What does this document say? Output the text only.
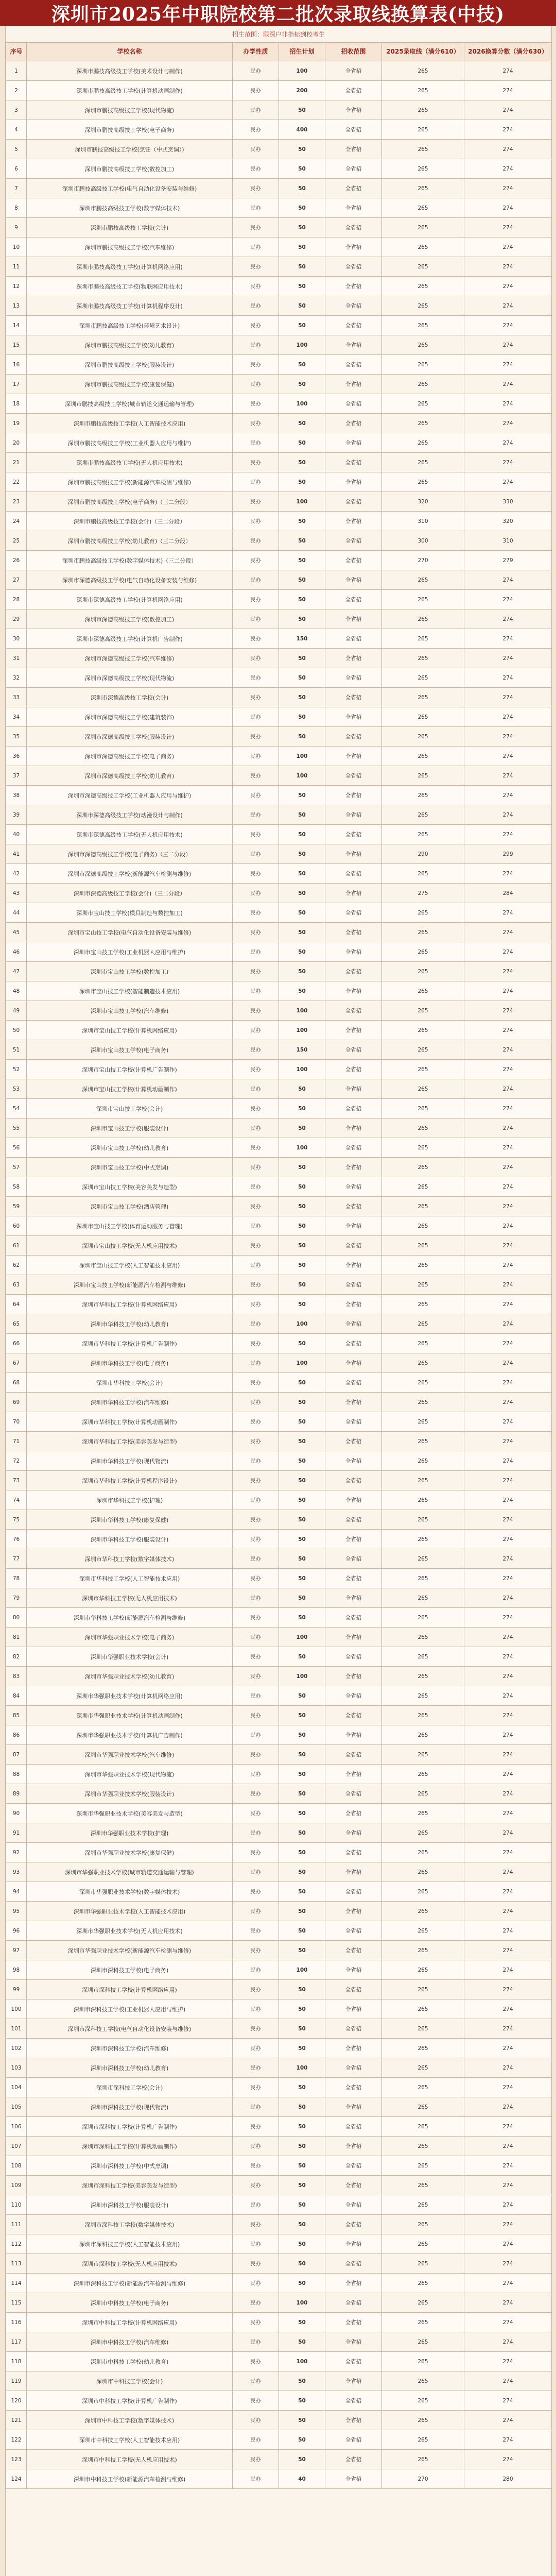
深圳市2025年中职院校第二批次录取线换算表(中技)
招生范围：限深户非指标到校考生
序号	学校名称	办学性质	招生计划	招收范围	2025录取线（满分610）	2026换算分数（满分630）
1	深圳市鹏技高级技工学校(美术设计与制作)	民办	100	全省招	265	274
2	深圳市鹏技高级技工学校(计算机动画制作)	民办	200	全省招	265	274
3	深圳市鹏技高级技工学校(现代物流)	民办	50	全省招	265	274
4	深圳市鹏技高级技工学校(电子商务)	民办	400	全省招	265	274
5	深圳市鹏技高级技工学校(烹饪（中式烹调）)	民办	50	全省招	265	274
6	深圳市鹏技高级技工学校(数控加工)	民办	50	全省招	265	274
7	深圳市鹏技高级技工学校(电气自动化设备安装与维修)	民办	50	全省招	265	274
8	深圳市鹏技高级技工学校(数字媒体技术)	民办	50	全省招	265	274
9	深圳市鹏技高级技工学校(会计)	民办	50	全省招	265	274
10	深圳市鹏技高级技工学校(汽车维修)	民办	50	全省招	265	274
11	深圳市鹏技高级技工学校(计算机网络应用)	民办	50	全省招	265	274
12	深圳市鹏技高级技工学校(物联网应用技术)	民办	50	全省招	265	274
13	深圳市鹏技高级技工学校(计算机程序设计)	民办	50	全省招	265	274
14	深圳市鹏技高级技工学校(环境艺术设计)	民办	50	全省招	265	274
15	深圳市鹏技高级技工学校(幼儿教育)	民办	100	全省招	265	274
16	深圳市鹏技高级技工学校(服装设计)	民办	50	全省招	265	274
17	深圳市鹏技高级技工学校(康复保健)	民办	50	全省招	265	274
18	深圳市鹏技高级技工学校(城市轨道交通运输与管理)	民办	100	全省招	265	274
19	深圳市鹏技高级技工学校(人工智能技术应用)	民办	50	全省招	265	274
20	深圳市鹏技高级技工学校(工业机器人应用与维护)	民办	50	全省招	265	274
21	深圳市鹏技高级技工学校(无人机应用技术)	民办	50	全省招	265	274
22	深圳市鹏技高级技工学校(新能源汽车检测与维修)	民办	50	全省招	265	274
23	深圳市鹏技高级技工学校(电子商务)（三二分段）	民办	100	全省招	320	330
24	深圳市鹏技高级技工学校(会计)（三二分段）	民办	50	全省招	310	320
25	深圳市鹏技高级技工学校(幼儿教育)（三二分段）	民办	50	全省招	300	310
26	深圳市鹏技高级技工学校(数字媒体技术)（三二分段）	民办	50	全省招	270	279
27	深圳市深德高级技工学校(电气自动化设备安装与维修)	民办	50	全省招	265	274
28	深圳市深德高级技工学校(计算机网络应用)	民办	50	全省招	265	274
29	深圳市深德高级技工学校(数控加工)	民办	50	全省招	265	274
30	深圳市深德高级技工学校(计算机广告制作)	民办	150	全省招	265	274
31	深圳市深德高级技工学校(汽车维修)	民办	50	全省招	265	274
32	深圳市深德高级技工学校(现代物流)	民办	50	全省招	265	274
33	深圳市深德高级技工学校(会计)	民办	50	全省招	265	274
34	深圳市深德高级技工学校(建筑装饰)	民办	50	全省招	265	274
35	深圳市深德高级技工学校(服装设计)	民办	50	全省招	265	274
36	深圳市深德高级技工学校(电子商务)	民办	100	全省招	265	274
37	深圳市深德高级技工学校(幼儿教育)	民办	100	全省招	265	274
38	深圳市深德高级技工学校(工业机器人应用与维护)	民办	50	全省招	265	274
39	深圳市深德高级技工学校(动漫设计与制作)	民办	50	全省招	265	274
40	深圳市深德高级技工学校(无人机应用技术)	民办	50	全省招	265	274
41	深圳市深德高级技工学校(电子商务)（三二分段）	民办	50	全省招	290	299
42	深圳市深德高级技工学校(新能源汽车检测与维修)	民办	50	全省招	265	274
43	深圳市深德高级技工学校(会计)（三二分段）	民办	50	全省招	275	284
44	深圳市宝山技工学校(模具制造与数控加工)	民办	50	全省招	265	274
45	深圳市宝山技工学校(电气自动化设备安装与维修)	民办	50	全省招	265	274
46	深圳市宝山技工学校(工业机器人应用与维护)	民办	50	全省招	265	274
47	深圳市宝山技工学校(数控加工)	民办	50	全省招	265	274
48	深圳市宝山技工学校(智能制造技术应用)	民办	50	全省招	265	274
49	深圳市宝山技工学校(汽车维修)	民办	100	全省招	265	274
50	深圳市宝山技工学校(计算机网络应用)	民办	100	全省招	265	274
51	深圳市宝山技工学校(电子商务)	民办	150	全省招	265	274
52	深圳市宝山技工学校(计算机广告制作)	民办	100	全省招	265	274
53	深圳市宝山技工学校(计算机动画制作)	民办	50	全省招	265	274
54	深圳市宝山技工学校(会计)	民办	50	全省招	265	274
55	深圳市宝山技工学校(服装设计)	民办	50	全省招	265	274
56	深圳市宝山技工学校(幼儿教育)	民办	100	全省招	265	274
57	深圳市宝山技工学校(中式烹调)	民办	50	全省招	265	274
58	深圳市宝山技工学校(美容美发与造型)	民办	50	全省招	265	274
59	深圳市宝山技工学校(酒店管理)	民办	50	全省招	265	274
60	深圳市宝山技工学校(体育运动服务与管理)	民办	50	全省招	265	274
61	深圳市宝山技工学校(无人机应用技术)	民办	50	全省招	265	274
62	深圳市宝山技工学校(人工智能技术应用)	民办	50	全省招	265	274
63	深圳市宝山技工学校(新能源汽车检测与维修)	民办	50	全省招	265	274
64	深圳市华科技工学校(计算机网络应用)	民办	50	全省招	265	274
65	深圳市华科技工学校(幼儿教育)	民办	100	全省招	265	274
66	深圳市华科技工学校(计算机广告制作)	民办	50	全省招	265	274
67	深圳市华科技工学校(电子商务)	民办	100	全省招	265	274
68	深圳市华科技工学校(会计)	民办	50	全省招	265	274
69	深圳市华科技工学校(汽车维修)	民办	50	全省招	265	274
70	深圳市华科技工学校(计算机动画制作)	民办	50	全省招	265	274
71	深圳市华科技工学校(美容美发与造型)	民办	50	全省招	265	274
72	深圳市华科技工学校(现代物流)	民办	50	全省招	265	274
73	深圳市华科技工学校(计算机程序设计)	民办	50	全省招	265	274
74	深圳市华科技工学校(护理)	民办	50	全省招	265	274
75	深圳市华科技工学校(康复保健)	民办	50	全省招	265	274
76	深圳市华科技工学校(服装设计)	民办	50	全省招	265	274
77	深圳市华科技工学校(数字媒体技术)	民办	50	全省招	265	274
78	深圳市华科技工学校(人工智能技术应用)	民办	50	全省招	265	274
79	深圳市华科技工学校(无人机应用技术)	民办	50	全省招	265	274
80	深圳市华科技工学校(新能源汽车检测与维修)	民办	50	全省招	265	274
81	深圳市华强职业技术学校(电子商务)	民办	100	全省招	265	274
82	深圳市华强职业技术学校(会计)	民办	50	全省招	265	274
83	深圳市华强职业技术学校(幼儿教育)	民办	100	全省招	265	274
84	深圳市华强职业技术学校(计算机网络应用)	民办	50	全省招	265	274
85	深圳市华强职业技术学校(计算机动画制作)	民办	50	全省招	265	274
86	深圳市华强职业技术学校(计算机广告制作)	民办	50	全省招	265	274
87	深圳市华强职业技术学校(汽车维修)	民办	50	全省招	265	274
88	深圳市华强职业技术学校(现代物流)	民办	50	全省招	265	274
89	深圳市华强职业技术学校(服装设计)	民办	50	全省招	265	274
90	深圳市华强职业技术学校(美容美发与造型)	民办	50	全省招	265	274
91	深圳市华强职业技术学校(护理)	民办	50	全省招	265	274
92	深圳市华强职业技术学校(康复保健)	民办	50	全省招	265	274
93	深圳市华强职业技术学校(城市轨道交通运输与管理)	民办	50	全省招	265	274
94	深圳市华强职业技术学校(数字媒体技术)	民办	50	全省招	265	274
95	深圳市华强职业技术学校(人工智能技术应用)	民办	50	全省招	265	274
96	深圳市华强职业技术学校(无人机应用技术)	民办	50	全省招	265	274
97	深圳市华强职业技术学校(新能源汽车检测与维修)	民办	50	全省招	265	274
98	深圳市深科技工学校(电子商务)	民办	100	全省招	265	274
99	深圳市深科技工学校(计算机网络应用)	民办	50	全省招	265	274
100	深圳市深科技工学校(工业机器人应用与维护)	民办	50	全省招	265	274
101	深圳市深科技工学校(电气自动化设备安装与维修)	民办	50	全省招	265	274
102	深圳市深科技工学校(汽车维修)	民办	50	全省招	265	274
103	深圳市深科技工学校(幼儿教育)	民办	100	全省招	265	274
104	深圳市深科技工学校(会计)	民办	50	全省招	265	274
105	深圳市深科技工学校(现代物流)	民办	50	全省招	265	274
106	深圳市深科技工学校(计算机广告制作)	民办	50	全省招	265	274
107	深圳市深科技工学校(计算机动画制作)	民办	50	全省招	265	274
108	深圳市深科技工学校(中式烹调)	民办	50	全省招	265	274
109	深圳市深科技工学校(美容美发与造型)	民办	50	全省招	265	274
110	深圳市深科技工学校(服装设计)	民办	50	全省招	265	274
111	深圳市深科技工学校(数字媒体技术)	民办	50	全省招	265	274
112	深圳市深科技工学校(人工智能技术应用)	民办	50	全省招	265	274
113	深圳市深科技工学校(无人机应用技术)	民办	50	全省招	265	274
114	深圳市深科技工学校(新能源汽车检测与维修)	民办	50	全省招	265	274
115	深圳市中科技工学校(电子商务)	民办	100	全省招	265	274
116	深圳市中科技工学校(计算机网络应用)	民办	50	全省招	265	274
117	深圳市中科技工学校(汽车维修)	民办	50	全省招	265	274
118	深圳市中科技工学校(幼儿教育)	民办	100	全省招	265	274
119	深圳市中科技工学校(会计)	民办	50	全省招	265	274
120	深圳市中科技工学校(计算机广告制作)	民办	50	全省招	265	274
121	深圳市中科技工学校(数字媒体技术)	民办	50	全省招	265	274
122	深圳市中科技工学校(人工智能技术应用)	民办	50	全省招	265	274
123	深圳市中科技工学校(无人机应用技术)	民办	50	全省招	265	274
124	深圳市中科技工学校(新能源汽车检测与维修)	民办	40	全省招	270	280
